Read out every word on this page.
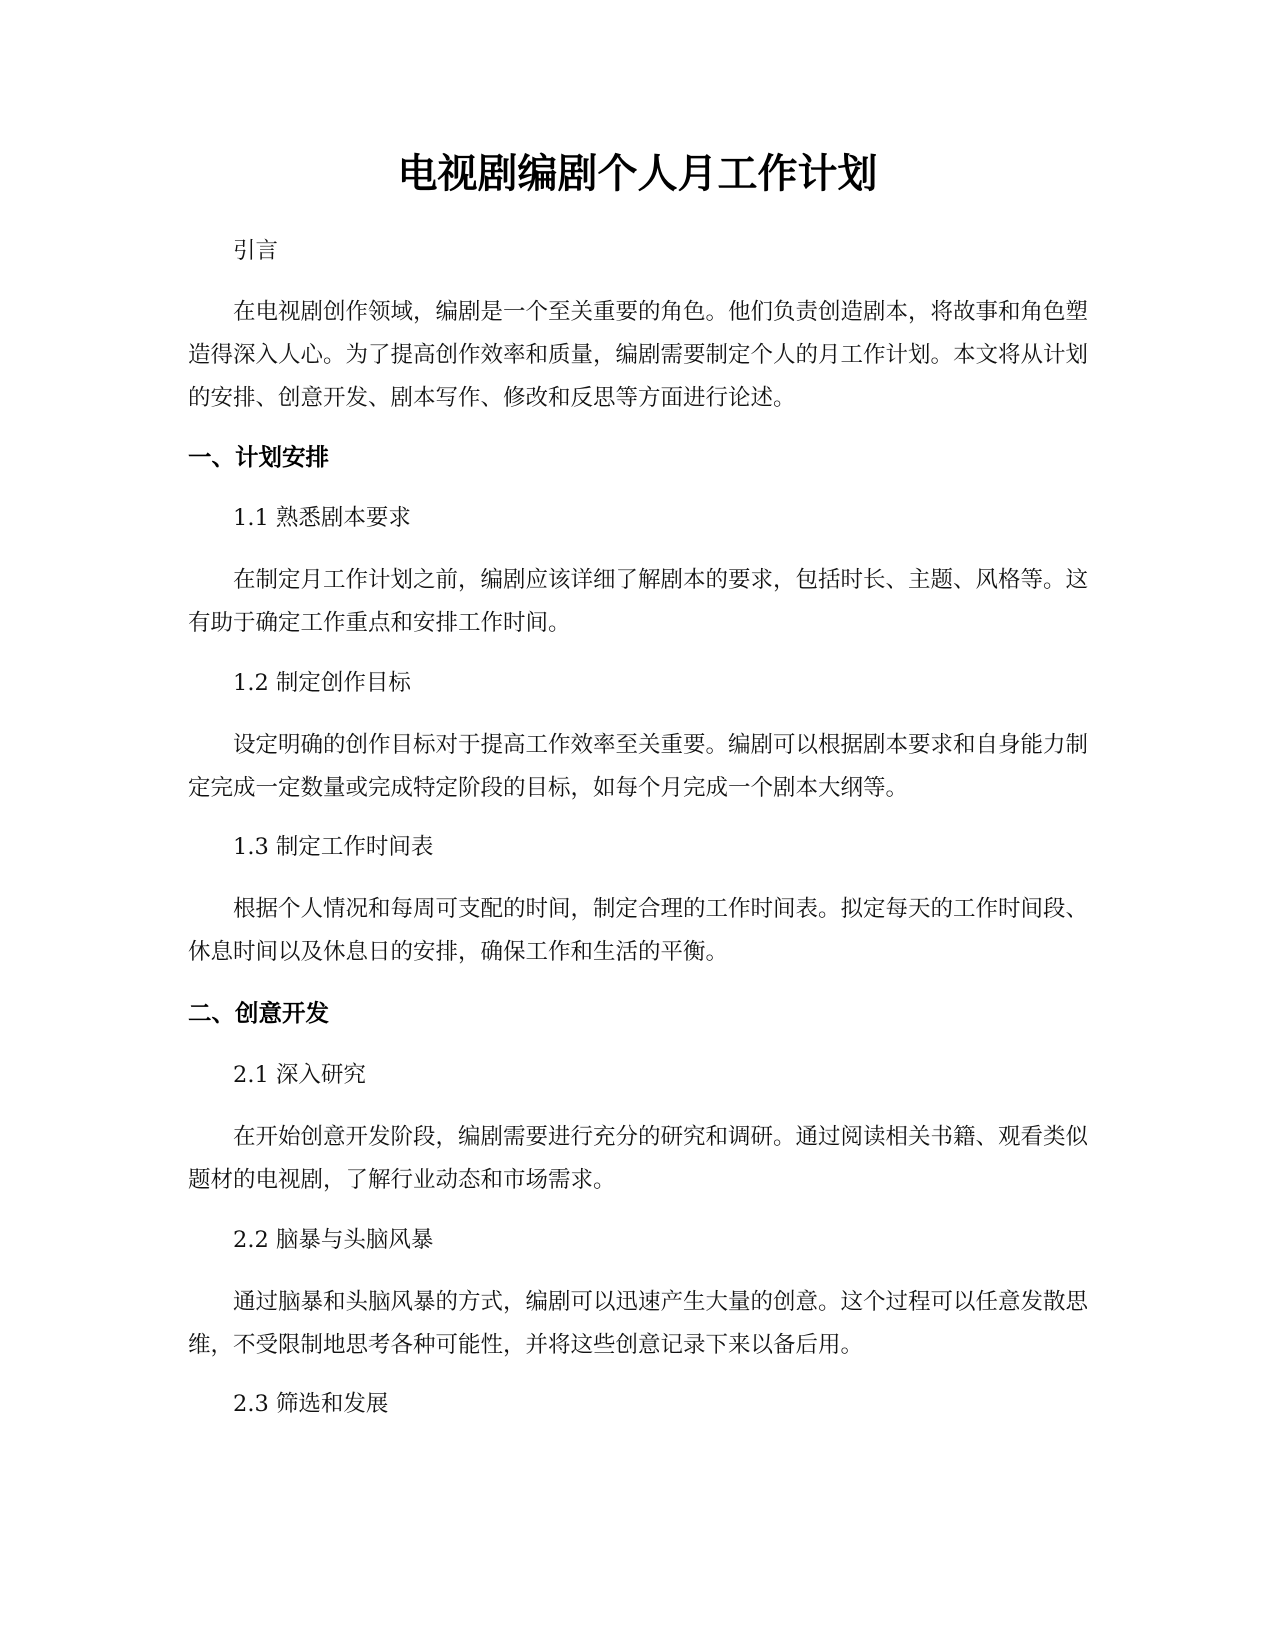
电视剧编剧个人月工作计划

引言

在电视剧创作领域，编剧是一个至关重要的角色。他们负责创造剧本，将故事和角色塑造得深入人心。为了提高创作效率和质量，编剧需要制定个人的月工作计划。本文将从计划的安排、创意开发、剧本写作、修改和反思等方面进行论述。

一、计划安排

1.1 熟悉剧本要求

在制定月工作计划之前，编剧应该详细了解剧本的要求，包括时长、主题、风格等。这有助于确定工作重点和安排工作时间。

1.2 制定创作目标

设定明确的创作目标对于提高工作效率至关重要。编剧可以根据剧本要求和自身能力制定完成一定数量或完成特定阶段的目标，如每个月完成一个剧本大纲等。

1.3 制定工作时间表

根据个人情况和每周可支配的时间，制定合理的工作时间表。拟定每天的工作时间段、休息时间以及休息日的安排，确保工作和生活的平衡。

二、创意开发

2.1 深入研究

在开始创意开发阶段，编剧需要进行充分的研究和调研。通过阅读相关书籍、观看类似题材的电视剧，了解行业动态和市场需求。

2.2 脑暴与头脑风暴

通过脑暴和头脑风暴的方式，编剧可以迅速产生大量的创意。这个过程可以任意发散思维，不受限制地思考各种可能性，并将这些创意记录下来以备后用。

2.3 筛选和发展
